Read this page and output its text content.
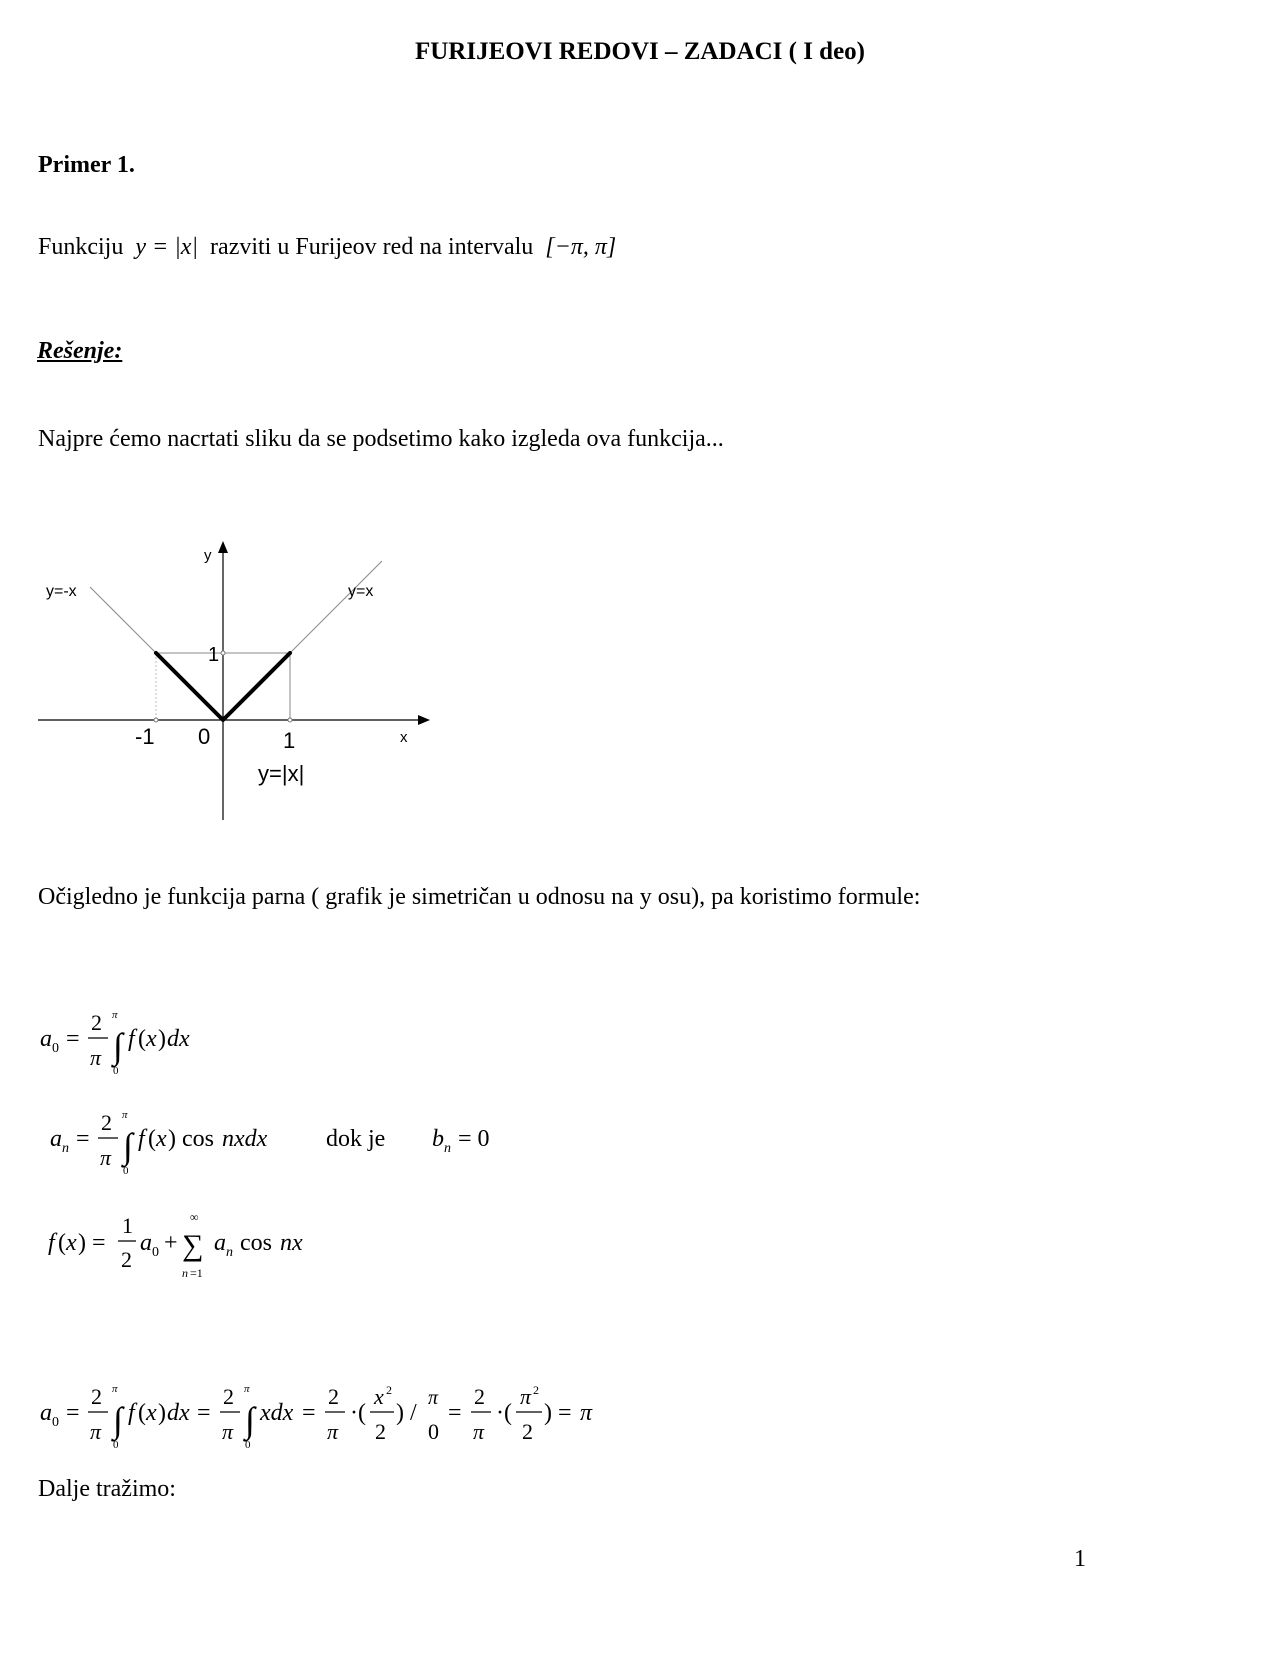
FURIJEOVI REDOVI – ZADACI ( I deo)
Primer 1.
Funkciju y = |x| razviti u Furijeov red na intervalu [−π, π]
Rešenje:
Najpre ćemo nacrtati sliku da se podsetimo kako izgleda ova funkcija...
y
x
y=-x	y=x
1
-1 0	1
y=|x|
Očigledno je funkcija parna ( grafik je simetričan u odnosu na y osu), pa koristimo formule:
a 0 =
2
π
π
∫
0
f ( x ) dx
a n =
2
π
π
∫
0
f ( x ) cos nxdx dok je b n = 0
f ( x ) =
1
2
a 0 +
∞
∑
n =1
a n cos nx
a 0 =
2
π
π
∫
0
f ( x ) dx =
2
π
π
∫
0
xdx =
2
π
·(
x 2
2
) /
π
0
=
2
π
·(
π 2
2
) = π
Dalje tražimo:
1
